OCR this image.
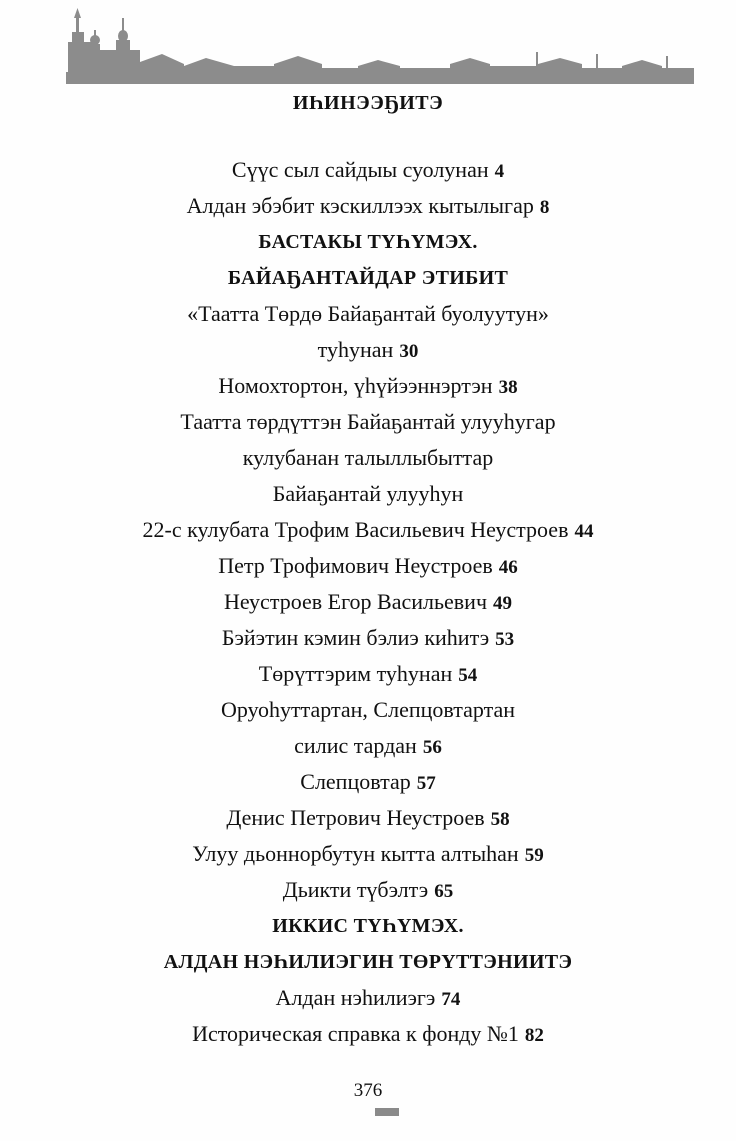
ИҺИНЭЭҔИТЭ
Сүүс сыл сайдыы суолунан 4
Алдан эбэбит кэскиллээх кытылыгар 8
БАСТАКЫ ТҮҺҮМЭХ.
БАЙАҔАНТАЙДАР ЭТИБИТ
«Таатта Төрдө Байаҕантай буолуутун»
туһунан 30
Номохтортон, үһүйээннэртэн 38
Таатта төрдүттэн Байаҕантай улууһугар
кулубанан талыллыбыттар
Байаҕантай улууһун
22-с кулубата Трофим Васильевич Неустроев 44
Петр Трофимович Неустроев 46
Неустроев Егор Васильевич 49
Бэйэтин кэмин бэлиэ киһитэ 53
Төрүттэрим туһунан 54
Оруоһуттартан, Слепцовтартан
силис тардан 56
Слепцовтар 57
Денис Петрович Неустроев 58
Улуу дьоннорбутун кытта алтыһан 59
Дьикти түбэлтэ 65
ИККИС ТҮҺҮМЭХ.
АЛДАН НЭҺИЛИЭГИН ТӨРҮТТЭНИИТЭ
Алдан нэһилиэгэ 74
Историческая справка к фонду №1 82
376
